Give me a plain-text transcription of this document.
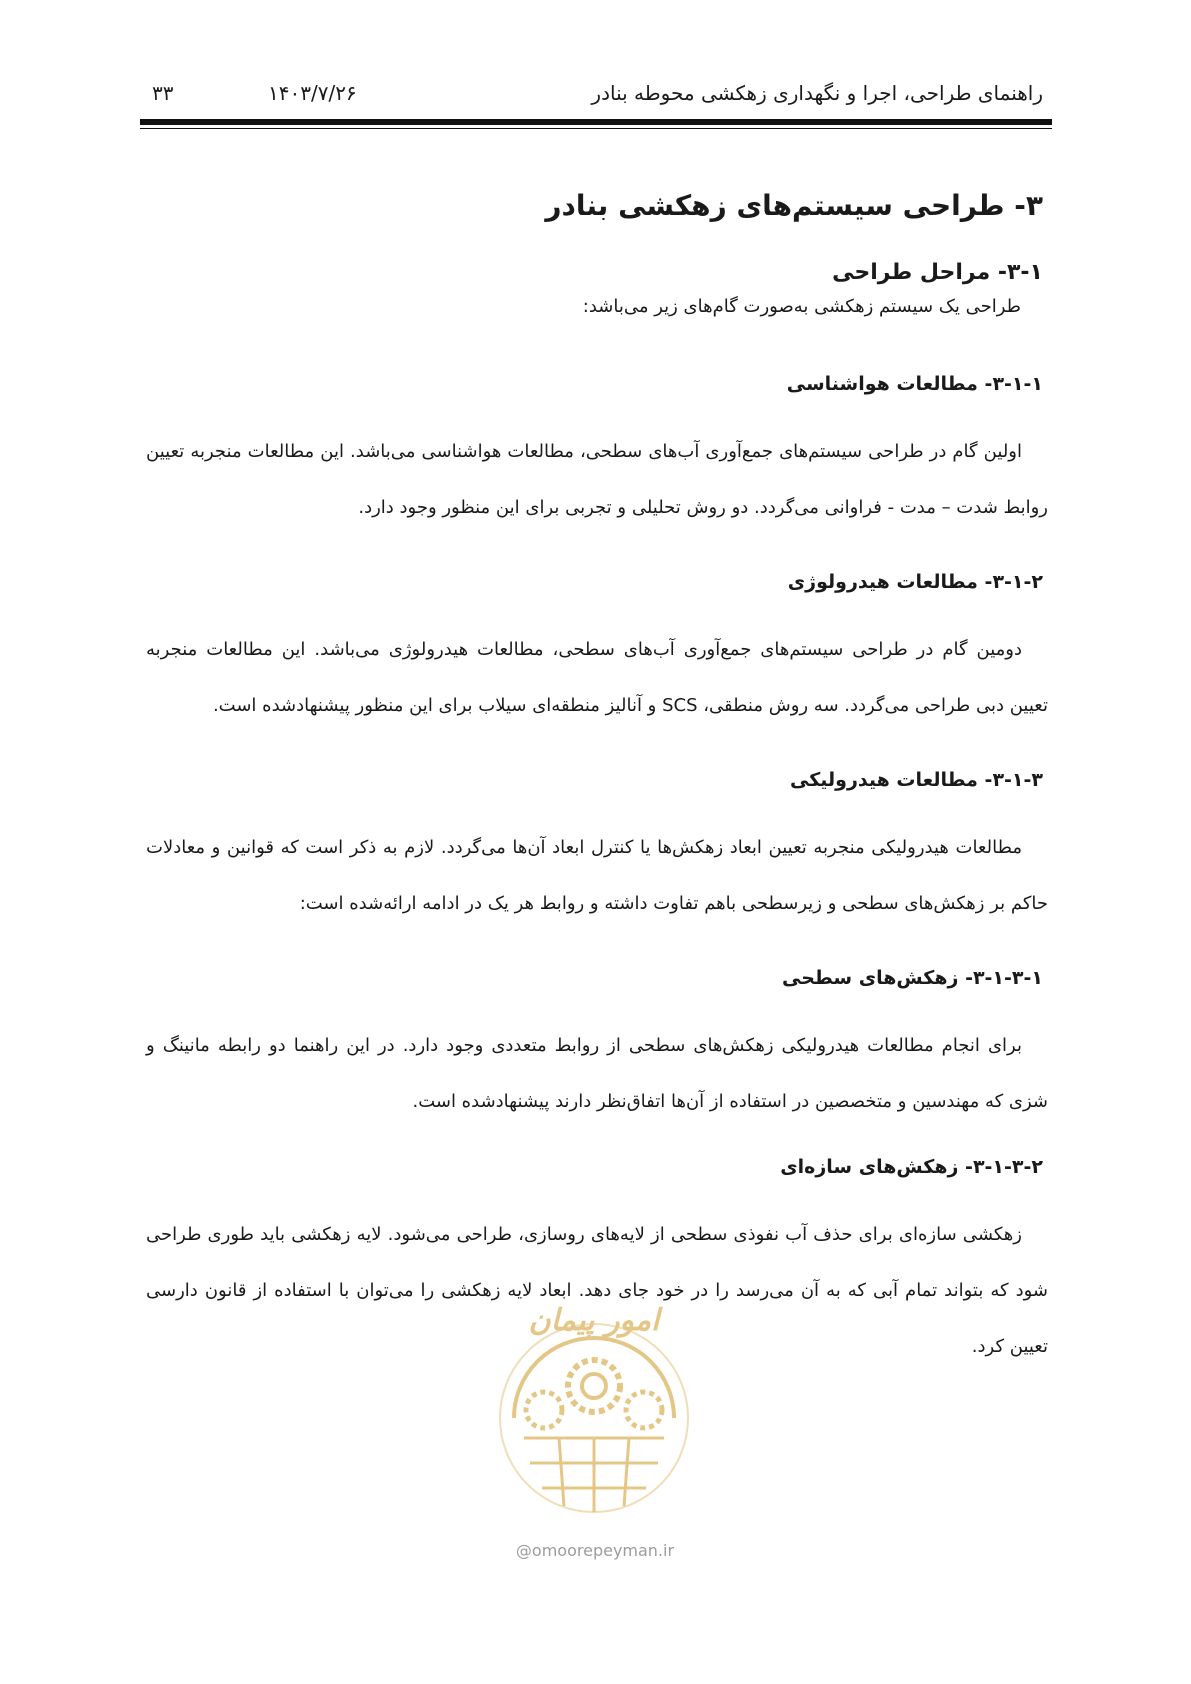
راهنمای طراحی، اجرا و نگهداری زهکشی محوطه بنادر
۱۴۰۳/۷/۲۶
۳۳
۳- طراحی سیستم‌های زهکشی بنادر
۳-۱- مراحل طراحی
طراحی یک سیستم زهکشی به‌صورت گام‌های زیر می‌باشد:
۳-۱-۱- مطالعات هواشناسی
اولین گام در طراحی سیستم‌های جمع‌آوری آب‌های سطحی، مطالعات هواشناسی می‌باشد. این مطالعات منجربه تعیین روابط شدت – مدت - فراوانی می‌گردد. دو روش تحلیلی و تجربی برای این منظور وجود دارد.
۳-۱-۲- مطالعات هیدرولوژی
دومین گام در طراحی سیستم‌های جمع‌آوری آب‌های سطحی، مطالعات هیدرولوژی می‌باشد. این مطالعات منجربه تعیین دبی طراحی می‌گردد. سه روش منطقی، SCS و آنالیز منطقه‌ای سیلاب برای این منظور پیشنهادشده است.
۳-۱-۳- مطالعات هیدرولیکی
مطالعات هیدرولیکی منجربه تعیین ابعاد زهکش‌ها یا کنترل ابعاد آن‌ها می‌گردد. لازم به ذکر است که قوانین و معادلات حاکم بر زهکش‌های سطحی و زیرسطحی باهم تفاوت داشته و روابط هر یک در ادامه ارائه‌شده است:
۳-۱-۳-۱- زهکش‌های سطحی
برای انجام مطالعات هیدرولیکی زهکش‌های سطحی از روابط متعددی وجود دارد. در این راهنما دو رابطه مانینگ و شزی که مهندسین و متخصصین در استفاده از آن‌ها اتفاق‌نظر دارند پیشنهادشده است.
۳-۱-۳-۲- زهکش‌های سازه‌ای
زهکشی سازه‌ای برای حذف آب نفوذی سطحی از لایه‌های روسازی، طراحی می‌شود. لایه زهکشی باید طوری طراحی شود که بتواند تمام آبی که به آن می‌رسد را در خود جای دهد. ابعاد لایه زهکشی را می‌توان با استفاده از قانون دارسی تعیین کرد.
امور پیمان
@omoorepeyman.ir
